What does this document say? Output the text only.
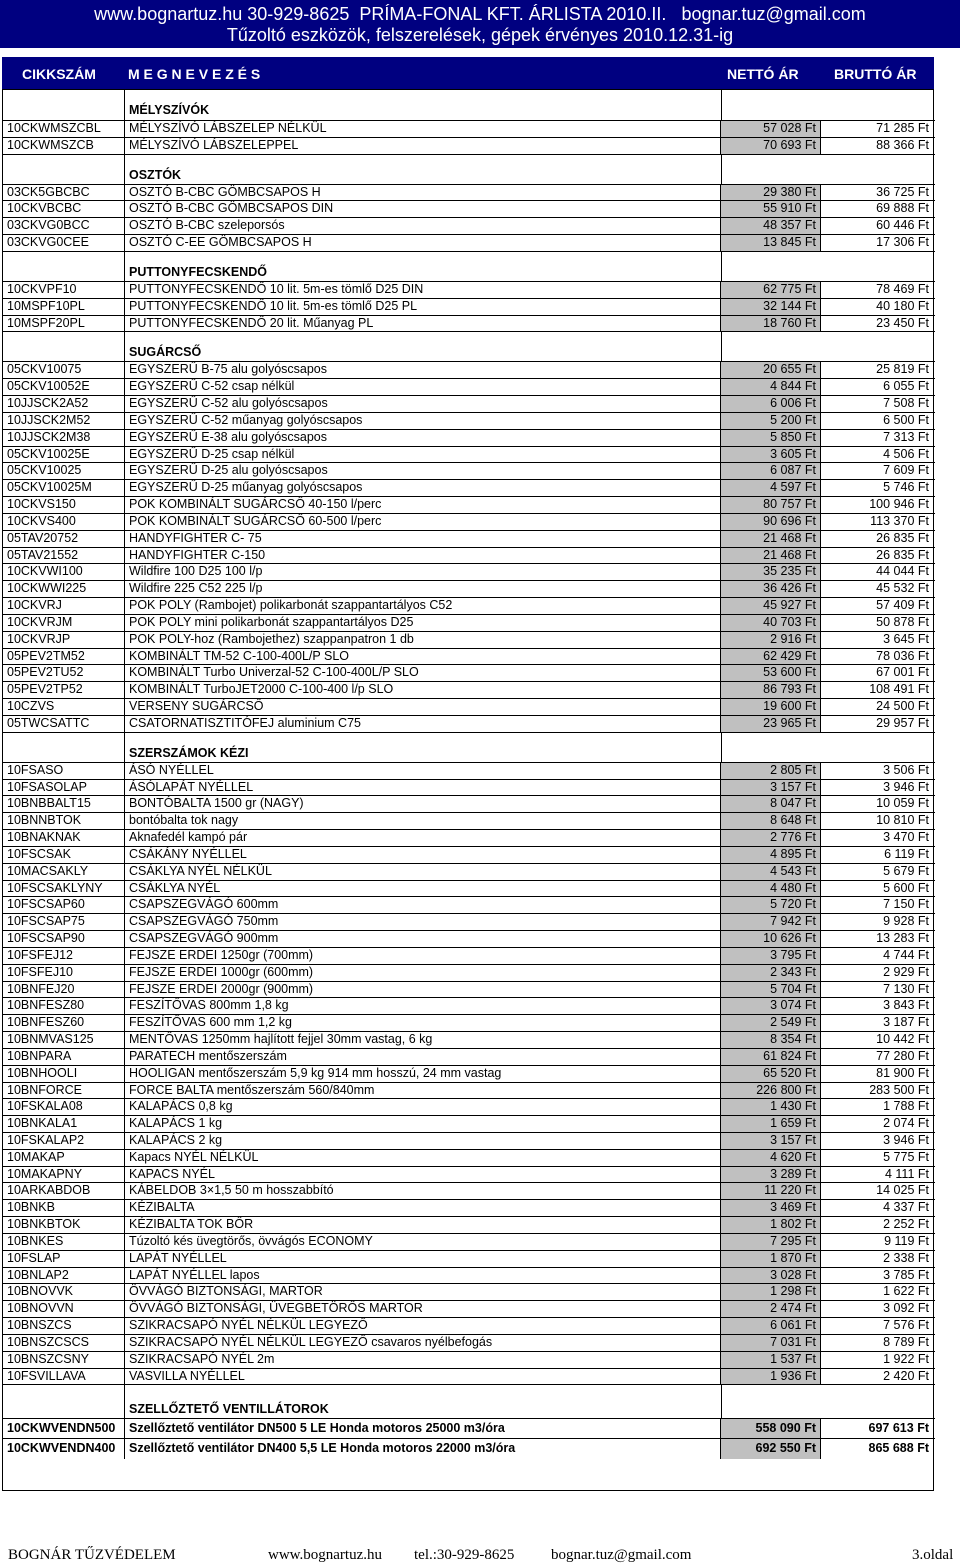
www.bognartuz.hu 30-929-8625  PRÍMA-FONAL KFT. ÁRLISTA 2010.II.   bognar.tuz@gmail.com
Tűzoltó eszközök, felszerelések, gépek érvényes 2010.12.31-ig
CIKKSZÁM M E G N E V E Z É S	NETTÓ ÁR	BRUTTÓ ÁR
MÉLYSZÍVÓK
10CKWMSZCBL	MÉLYSZÍVÓ LÁBSZELEP NÉLKÜL	57 028 Ft	71 285 Ft
10CKWMSZCB	MÉLYSZÍVÓ LÁBSZELEPPEL	70 693 Ft	88 366 Ft
OSZTÓK
03CK5GBCBC	OSZTÓ B-CBC GÖMBCSAPOS H	29 380 Ft	36 725 Ft
10CKVBCBC	OSZTÓ B-CBC GÖMBCSAPOS DIN	55 910 Ft	69 888 Ft
03CKVG0BCC	OSZTÓ B-CBC szeleporsós	48 357 Ft	60 446 Ft
03CKVG0CEE	OSZTÓ C-EE GÖMBCSAPOS H	13 845 Ft	17 306 Ft
PUTTONYFECSKENDŐ
10CKVPF10	PUTTONYFECSKENDŐ 10 lit. 5m-es tömlő D25 DIN	62 775 Ft	78 469 Ft
10MSPF10PL	PUTTONYFECSKENDŐ 10 lit. 5m-es tömlő D25 PL	32 144 Ft	40 180 Ft
10MSPF20PL	PUTTONYFECSKENDŐ 20 lit. Műanyag PL	18 760 Ft	23 450 Ft
SUGÁRCSŐ
05CKV10075	EGYSZERŰ B-75 alu golyóscsapos	20 655 Ft	25 819 Ft
05CKV10052E	EGYSZERŰ C-52 csap nélkül	4 844 Ft	6 055 Ft
10JJSCK2A52	EGYSZERŰ C-52 alu golyóscsapos	6 006 Ft	7 508 Ft
10JJSCK2M52	EGYSZERŰ C-52 műanyag golyóscsapos	5 200 Ft	6 500 Ft
10JJSCK2M38	EGYSZERŰ E-38 alu golyóscsapos	5 850 Ft	7 313 Ft
05CKV10025E	EGYSZERŰ D-25 csap nélkül	3 605 Ft	4 506 Ft
05CKV10025	EGYSZERŰ D-25 alu golyóscsapos	6 087 Ft	7 609 Ft
05CKV10025M	EGYSZERŰ D-25 műanyag golyóscsapos	4 597 Ft	5 746 Ft
10CKVS150	POK KOMBINÁLT SUGÁRCSŐ 40-150 l/perc	80 757 Ft	100 946 Ft
10CKVS400	POK KOMBINÁLT SUGÁRCSŐ 60-500 l/perc	90 696 Ft	113 370 Ft
05TAV20752	HANDYFIGHTER C- 75	21 468 Ft	26 835 Ft
05TAV21552	HANDYFIGHTER C-150	21 468 Ft	26 835 Ft
10CKVWI100	Wildfire 100 D25 100 l/p	35 235 Ft	44 044 Ft
10CKWWI225	Wildfire 225 C52 225 l/p	36 426 Ft	45 532 Ft
10CKVRJ	POK POLY (Rambojet) polikarbonát szappantartályos C52	45 927 Ft	57 409 Ft
10CKVRJM	POK POLY mini polikarbonát szappantartályos D25	40 703 Ft	50 878 Ft
10CKVRJP	POK POLY-hoz (Rambojethez) szappanpatron 1 db	2 916 Ft	3 645 Ft
05PEV2TM52	KOMBINÁLT TM-52 C-100-400L/P SLO	62 429 Ft	78 036 Ft
05PEV2TU52	KOMBINÁLT Turbo Univerzal-52 C-100-400L/P SLO	53 600 Ft	67 001 Ft
05PEV2TP52	KOMBINÁLT TurboJET2000 C-100-400 l/p SLO	86 793 Ft	108 491 Ft
10CZVS	VERSENY SUGÁRCSŐ	19 600 Ft	24 500 Ft
05TWCSATTC	CSATORNATISZTITÓFEJ aluminium C75	23 965 Ft	29 957 Ft
SZERSZÁMOK KÉZI
10FSASO	ÁSÓ NYÉLLEL	2 805 Ft	3 506 Ft
10FSASOLAP	ÁSÓLAPÁT NYÉLLEL	3 157 Ft	3 946 Ft
10BNBBALT15	BONTÓBALTA 1500 gr (NAGY)	8 047 Ft	10 059 Ft
10BNNBTOK	bontóbalta tok nagy	8 648 Ft	10 810 Ft
10BNAKNAK	Aknafedél kampó pár	2 776 Ft	3 470 Ft
10FSCSAK	CSÁKÁNY NYÉLLEL	4 895 Ft	6 119 Ft
10MACSAKLY	CSÁKLYA NYÉL NÉLKÜL	4 543 Ft	5 679 Ft
10FSCSAKLYNY	CSÁKLYA NYÉL	4 480 Ft	5 600 Ft
10FSCSAP60	CSAPSZEGVÁGÓ 600mm	5 720 Ft	7 150 Ft
10FSCSAP75	CSAPSZEGVÁGÓ 750mm	7 942 Ft	9 928 Ft
10FSCSAP90	CSAPSZEGVÁGÓ 900mm	10 626 Ft	13 283 Ft
10FSFEJ12	FEJSZE ERDEI 1250gr (700mm)	3 795 Ft	4 744 Ft
10FSFEJ10	FEJSZE ERDEI 1000gr (600mm)	2 343 Ft	2 929 Ft
10BNFEJ20	FEJSZE ERDEI 2000gr (900mm)	5 704 Ft	7 130 Ft
10BNFESZ80	FESZÍTŐVAS 800mm 1,8 kg	3 074 Ft	3 843 Ft
10BNFESZ60	FESZÍTŐVAS 600 mm 1,2 kg	2 549 Ft	3 187 Ft
10BNMVAS125	MENTŐVAS 1250mm hajlított fejjel 30mm vastag, 6 kg	8 354 Ft	10 442 Ft
10BNPARA	PARATECH mentőszerszám	61 824 Ft	77 280 Ft
10BNHOOLI	HOOLIGAN mentőszerszám 5,9 kg 914 mm hosszú, 24 mm vastag	65 520 Ft	81 900 Ft
10BNFORCE	FORCE BALTA mentőszerszám 560/840mm	226 800 Ft	283 500 Ft
10FSKALA08	KALAPÁCS 0,8 kg	1 430 Ft	1 788 Ft
10BNKALA1	KALAPÁCS 1 kg	1 659 Ft	2 074 Ft
10FSKALAP2	KALAPÁCS 2 kg	3 157 Ft	3 946 Ft
10MAKAP	Kapacs NYÉL NÉLKÜL	4 620 Ft	5 775 Ft
10MAKAPNY	KAPACS NYÉL	3 289 Ft	4 111 Ft
10ARKABDOB	KÁBELDOB 3×1,5 50 m hosszabbító	11 220 Ft	14 025 Ft
10BNKB	KÉZIBALTA	3 469 Ft	4 337 Ft
10BNKBTOK	KÉZIBALTA TOK BŐR	1 802 Ft	2 252 Ft
10BNKES	Túzoltó kés üvegtörős, övvágós ECONOMY	7 295 Ft	9 119 Ft
10FSLAP	LAPÁT NYÉLLEL	1 870 Ft	2 338 Ft
10BNLAP2	LAPÁT NYÉLLEL lapos	3 028 Ft	3 785 Ft
10BNOVVK	ÖVVÁGÓ BIZTONSÁGI, MARTOR	1 298 Ft	1 622 Ft
10BNOVVN	ÖVVÁGÓ BIZTONSÁGI, ÜVEGBETÖRŐS MARTOR	2 474 Ft	3 092 Ft
10BNSZCS	SZIKRACSAPÓ NYÉL NÉLKÜL LEGYEZŐ	6 061 Ft	7 576 Ft
10BNSZCSCS	SZIKRACSAPÓ NYÉL NÉLKÜL LEGYEZŐ csavaros nyélbefogás	7 031 Ft	8 789 Ft
10BNSZCSNY	SZIKRACSAPÓ NYÉL 2m	1 537 Ft	1 922 Ft
10FSVILLAVA	VASVILLA NYÉLLEL	1 936 Ft	2 420 Ft
SZELLŐZTETŐ VENTILLÁTOROK
10CKWVENDN500	Szellőztető ventilátor DN500 5 LE Honda motoros 25000 m3/óra	558 090 Ft	697 613 Ft
10CKWVENDN400	Szellőztető ventilátor DN400 5,5 LE Honda motoros 22000 m3/óra	692 550 Ft	865 688 Ft
BOGNÁR TŰZVÉDELEM	www.bognartuz.hu tel.:30-929-8625 bognar.tuz@gmail.com	3.oldal
